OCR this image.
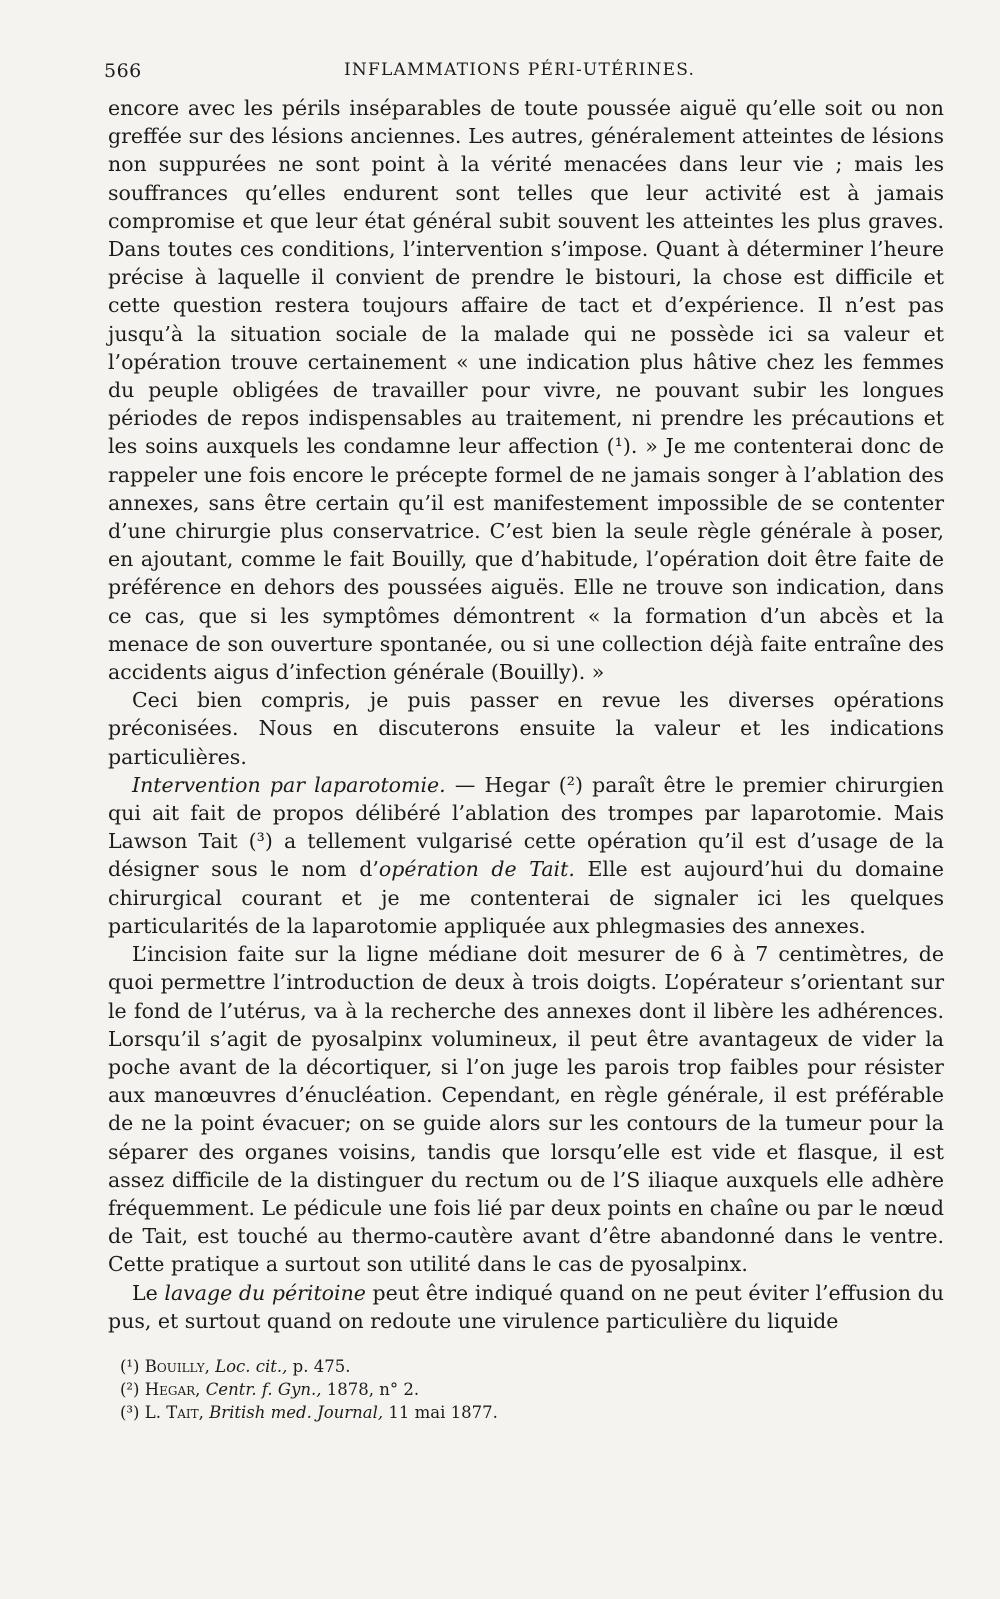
566	INFLAMMATIONS PÉRI-UTÉRINES.

encore avec les périls inséparables de toute poussée aiguë qu’elle soit ou non greffée sur des lésions anciennes. Les autres, généralement atteintes de lésions non suppurées ne sont point à la vérité menacées dans leur vie ; mais les souffrances qu’elles endurent sont telles que leur activité est à jamais compromise et que leur état général subit souvent les atteintes les plus graves. Dans toutes ces conditions, l’intervention s’impose. Quant à déterminer l’heure précise à laquelle il convient de prendre le bistouri, la chose est difficile et cette question restera toujours affaire de tact et d’expérience. Il n’est pas jusqu’à la situation sociale de la malade qui ne possède ici sa valeur et l’opération trouve certainement « une indication plus hâtive chez les femmes du peuple obligées de travailler pour vivre, ne pouvant subir les longues périodes de repos indispensables au traitement, ni prendre les précautions et les soins auxquels les condamne leur affection (¹). » Je me contenterai donc de rappeler une fois encore le précepte formel de ne jamais songer à l’ablation des annexes, sans être certain qu’il est manifestement impossible de se contenter d’une chirurgie plus conservatrice. C’est bien la seule règle générale à poser, en ajoutant, comme le fait Bouilly, que d’habitude, l’opération doit être faite de préférence en dehors des poussées aiguës. Elle ne trouve son indication, dans ce cas, que si les symptômes démontrent « la formation d’un abcès et la menace de son ouverture spontanée, ou si une collection déjà faite entraîne des accidents aigus d’infection générale (Bouilly). »

Ceci bien compris, je puis passer en revue les diverses opérations préconisées. Nous en discuterons ensuite la valeur et les indications particulières.

Intervention par laparotomie. — Hegar (²) paraît être le premier chirurgien qui ait fait de propos délibéré l’ablation des trompes par laparotomie. Mais Lawson Tait (³) a tellement vulgarisé cette opération qu’il est d’usage de la désigner sous le nom d’opération de Tait. Elle est aujourd’hui du domaine chirurgical courant et je me contenterai de signaler ici les quelques particularités de la laparotomie appliquée aux phlegmasies des annexes.

L’incision faite sur la ligne médiane doit mesurer de 6 à 7 centimètres, de quoi permettre l’introduction de deux à trois doigts. L’opérateur s’orientant sur le fond de l’utérus, va à la recherche des annexes dont il libère les adhérences. Lorsqu’il s’agit de pyosalpinx volumineux, il peut être avantageux de vider la poche avant de la décortiquer, si l’on juge les parois trop faibles pour résister aux manœuvres d’énucléation. Cependant, en règle générale, il est préférable de ne la point évacuer; on se guide alors sur les contours de la tumeur pour la séparer des organes voisins, tandis que lorsqu’elle est vide et flasque, il est assez difficile de la distinguer du rectum ou de l’S iliaque auxquels elle adhère fréquemment. Le pédicule une fois lié par deux points en chaîne ou par le nœud de Tait, est touché au thermo-cautère avant d’être abandonné dans le ventre. Cette pratique a surtout son utilité dans le cas de pyosalpinx.

Le lavage du péritoine peut être indiqué quand on ne peut éviter l’effusion du pus, et surtout quand on redoute une virulence particulière du liquide

(¹) Bouilly, Loc. cit., p. 475.

(²) Hegar, Centr. f. Gyn., 1878, n° 2.

(³) L. Tait, British med. Journal, 11 mai 1877.
